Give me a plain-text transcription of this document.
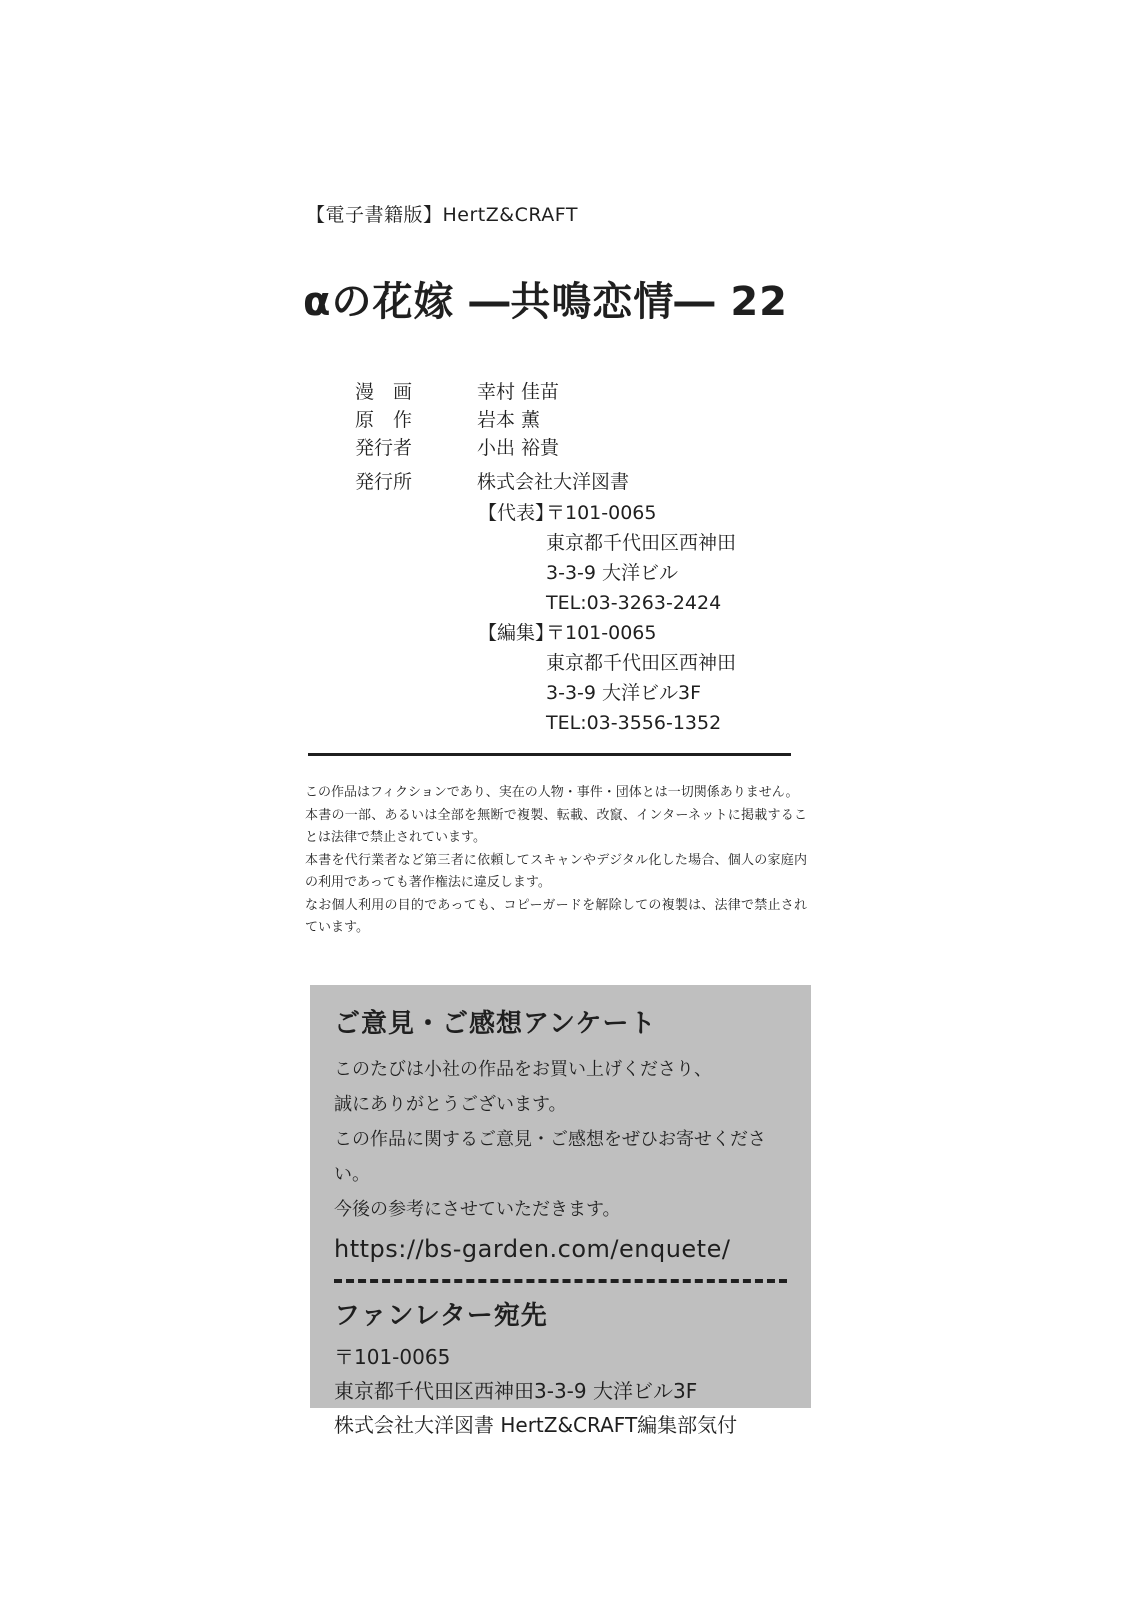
【電子書籍版】HertZ&CRAFT
αの花嫁 ―共鳴恋情― 22
漫　画	幸村 佳苗
原　作	岩本 薫
発行者	小出 裕貴
発行所	株式会社大洋図書
【代表】
〒101-0065
東京都千代田区西神田
3-3-9 大洋ビル
TEL:03-3263-2424
【編集】
〒101-0065
東京都千代田区西神田
3-3-9 大洋ビル3F
TEL:03-3556-1352

この作品はフィクションであり、実在の人物・事件・団体とは一切関係ありません。

本書の一部、あるいは全部を無断で複製、転載、改竄、インターネットに掲載することは法律で禁止されています。

本書を代行業者など第三者に依頼してスキャンやデジタル化した場合、個人の家庭内の利用であっても著作権法に違反します。

なお個人利用の目的であっても、コピーガードを解除しての複製は、法律で禁止されています。

ご意見・ご感想アンケート

このたびは小社の作品をお買い上げくださり、

誠にありがとうございます。

この作品に関するご意見・ご感想をぜひお寄せください。

今後の参考にさせていただきます。

https://bs-garden.com/enquete/
ファンレター宛先

〒101-0065

東京都千代田区西神田3-3-9 大洋ビル3F

株式会社大洋図書 HertZ&CRAFT編集部気付
